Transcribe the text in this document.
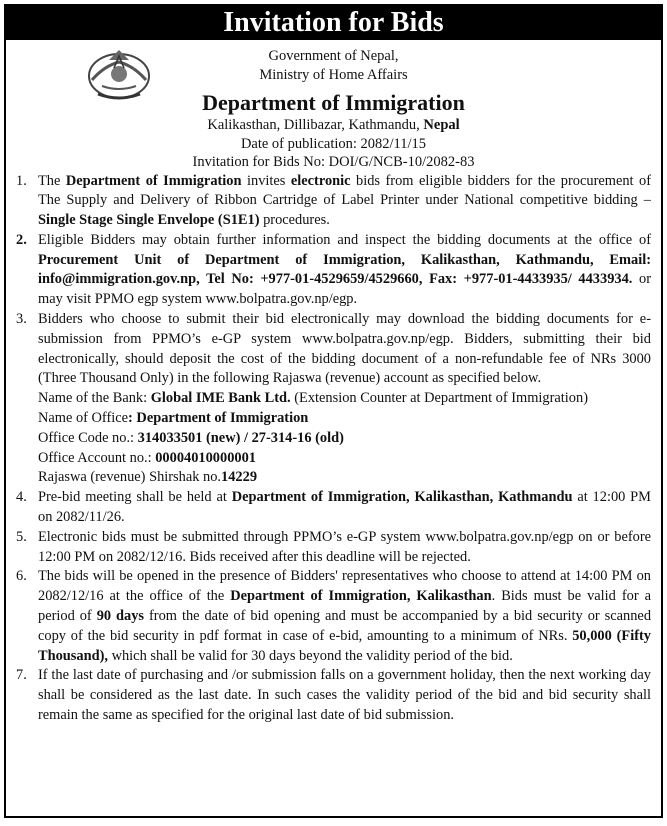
Invitation for Bids
Government of Nepal,
Ministry of Home Affairs
Department of Immigration
Kalikasthan, Dillibazar, Kathmandu, Nepal
Date of publication: 2082/11/15
Invitation for Bids No: DOI/G/NCB-10/2082-83
1. The Department of Immigration invites electronic bids from eligible bidders for the procurement of The Supply and Delivery of Ribbon Cartridge of Label Printer under National competitive bidding – Single Stage Single Envelope (S1E1) procedures.
2. Eligible Bidders may obtain further information and inspect the bidding documents at the office of Procurement Unit of Department of Immigration, Kalikasthan, Kathmandu, Email: info@immigration.gov.np, Tel No: +977-01-4529659/4529660, Fax: +977-01-4433935/ 4433934. or may visit PPMO egp system www.bolpatra.gov.np/egp.
3. Bidders who choose to submit their bid electronically may download the bidding documents for e-submission from PPMO’s e-GP system www.bolpatra.gov.np/egp. Bidders, submitting their bid electronically, should deposit the cost of the bidding document of a non-refundable fee of NRs 3000 (Three Thousand Only) in the following Rajaswa (revenue) account as specified below.
Name of the Bank: Global IME Bank Ltd. (Extension Counter at Department of Immigration)
Name of Office: Department of Immigration
Office Code no.: 314033501 (new) / 27-314-16 (old)
Office Account no.: 00004010000001
Rajaswa (revenue) Shirshak no.14229
4. Pre-bid meeting shall be held at Department of Immigration, Kalikasthan, Kathmandu at 12:00 PM on 2082/11/26.
5. Electronic bids must be submitted through PPMO’s e-GP system www.bolpatra.gov.np/egp on or before 12:00 PM on 2082/12/16. Bids received after this deadline will be rejected.
6. The bids will be opened in the presence of Bidders' representatives who choose to attend at 14:00 PM on 2082/12/16 at the office of the Department of Immigration, Kalikasthan. Bids must be valid for a period of 90 days from the date of bid opening and must be accompanied by a bid security or scanned copy of the bid security in pdf format in case of e-bid, amounting to a minimum of NRs. 50,000 (Fifty Thousand), which shall be valid for 30 days beyond the validity period of the bid.
7. If the last date of purchasing and /or submission falls on a government holiday, then the next working day shall be considered as the last date. In such cases the validity period of the bid and bid security shall remain the same as specified for the original last date of bid submission.
